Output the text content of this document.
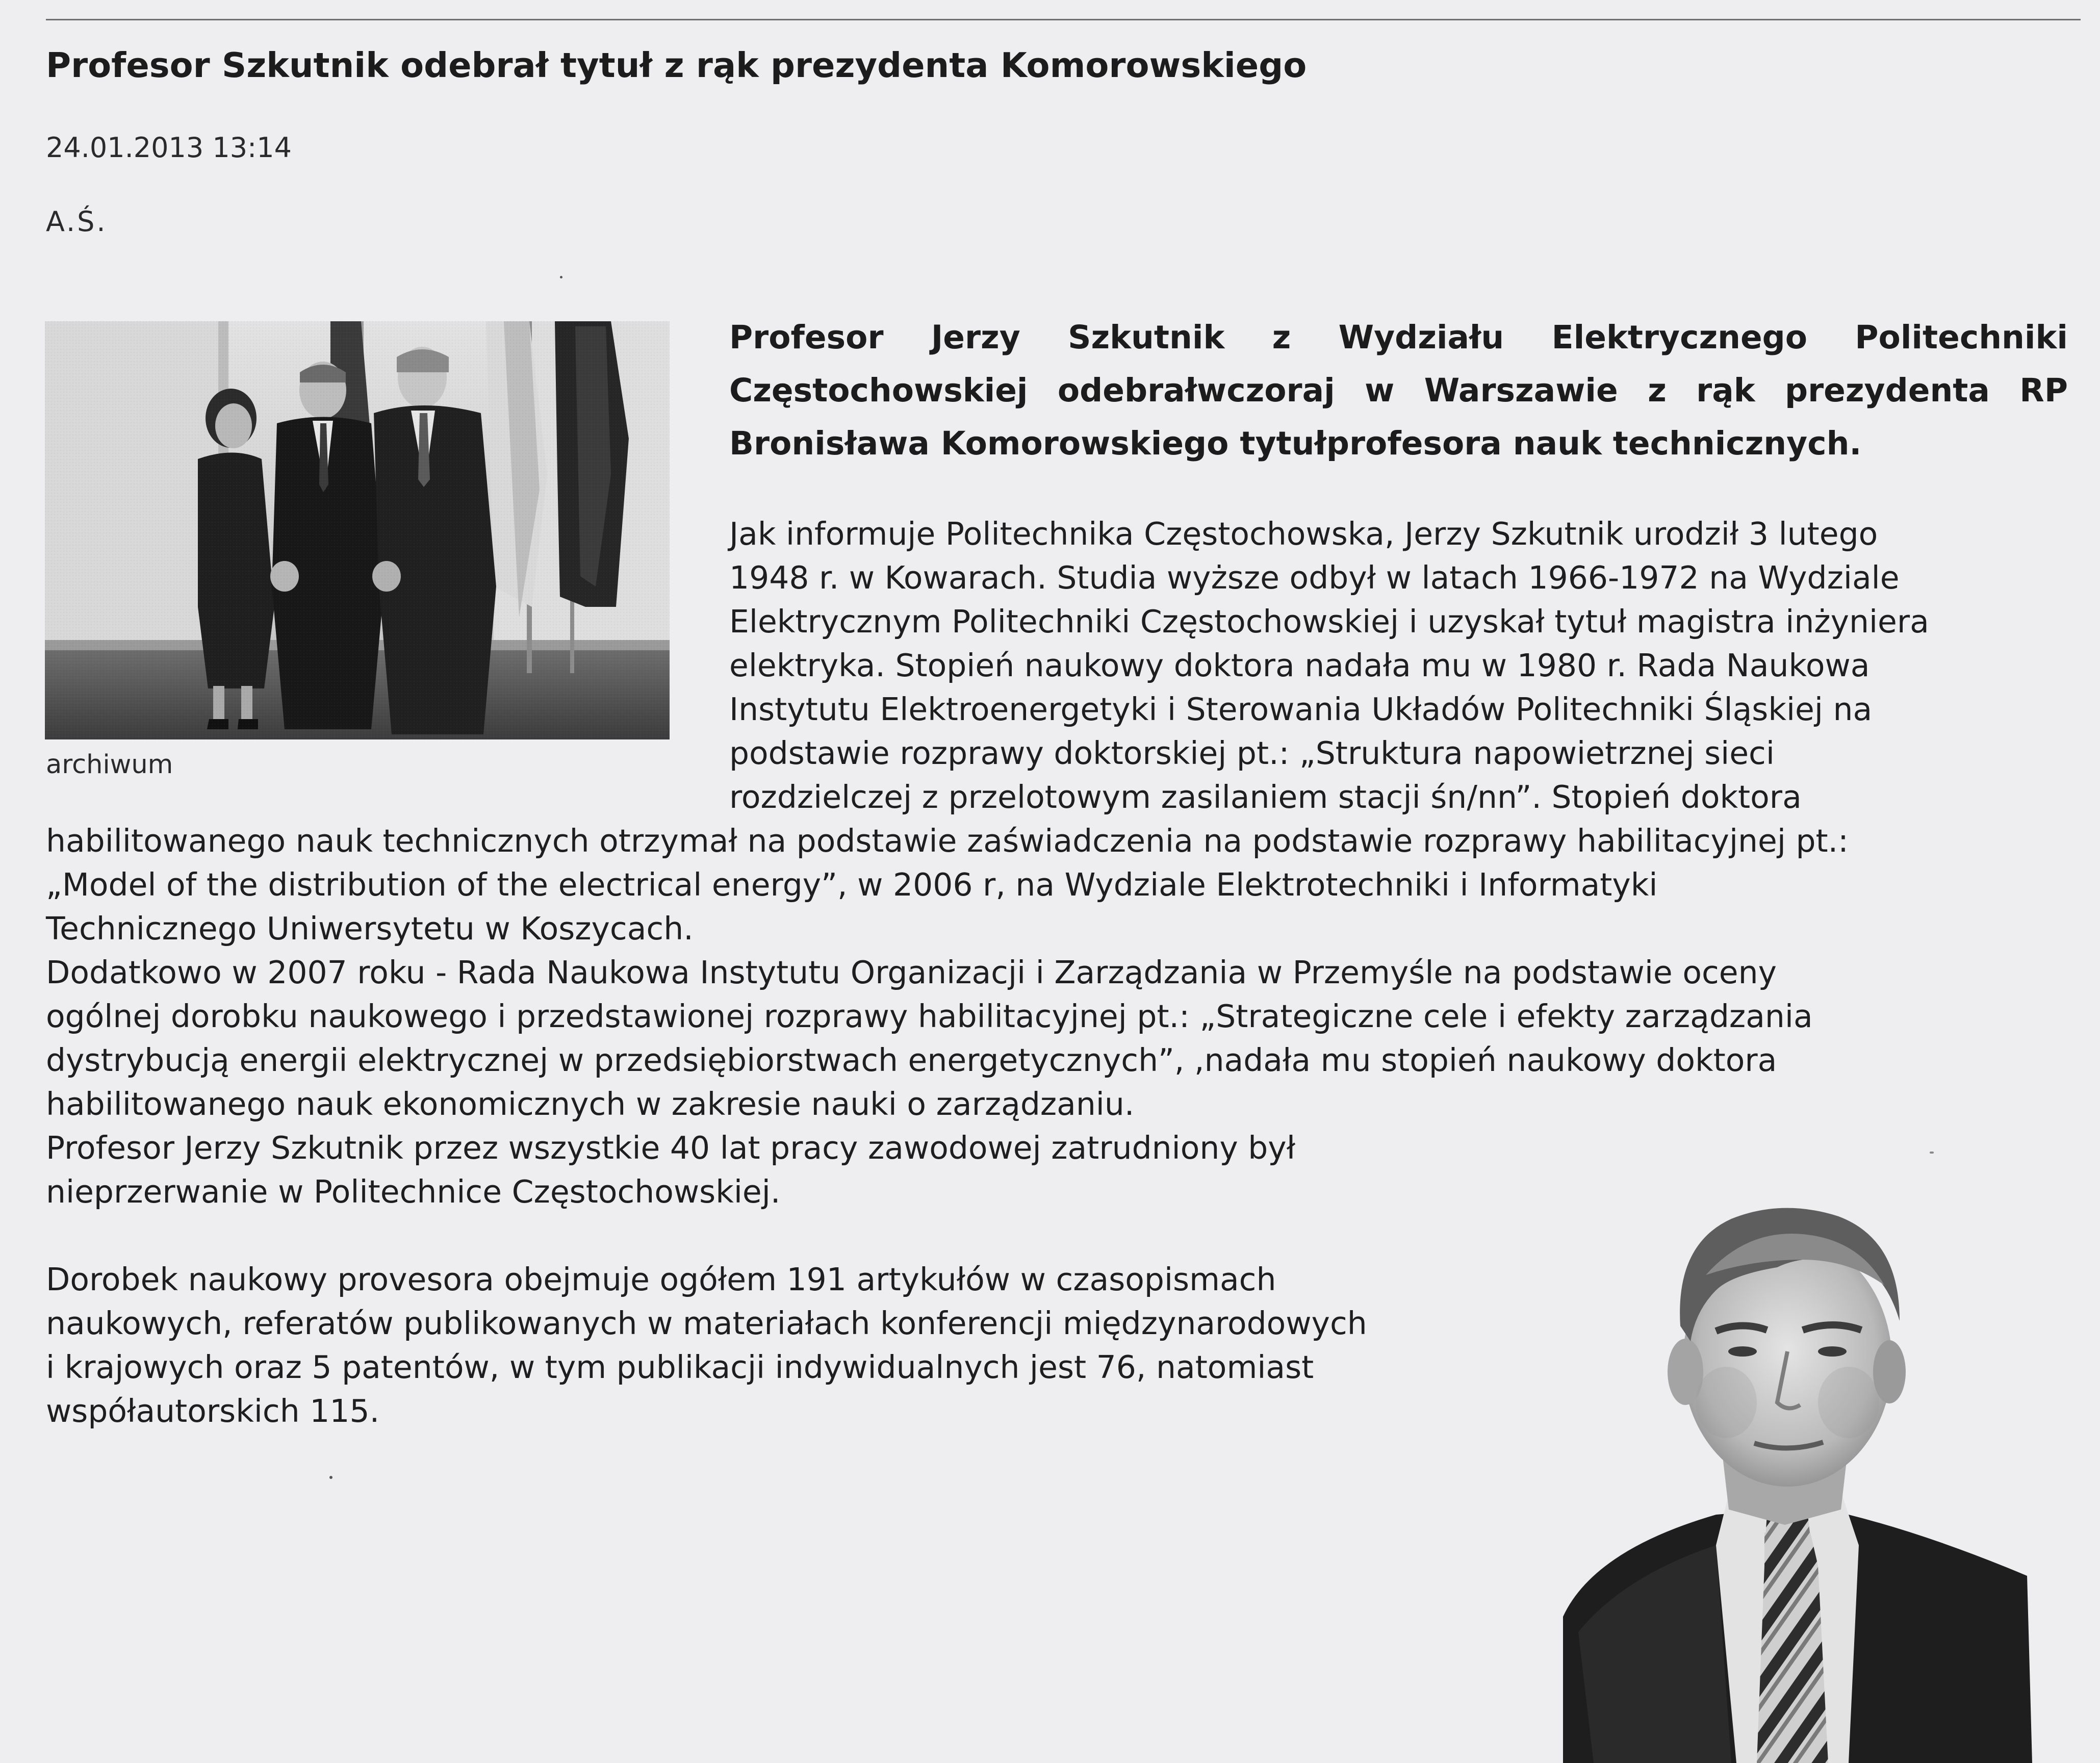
Profesor Szkutnik odebrał tytuł z rąk prezydenta Komorowskiego
24.01.2013 13:14
A.Ś.
archiwum

Profesor Jerzy Szkutnik z Wydziału Elektrycznego Politechniki Częstochowskiej odebrałwczoraj w Warszawie z rąk prezydenta RP Bronisława Komorowskiego tytułprofesora nauk technicznych.

Jak informuje Politechnika Częstochowska, Jerzy Szkutnik urodził 3 lutego
1948 r. w Kowarach. Studia wyższe odbył w latach 1966-1972 na Wydziale
Elektrycznym Politechniki Częstochowskiej i uzyskał tytuł magistra inżyniera
elektryka. Stopień naukowy doktora nadała mu w 1980 r. Rada Naukowa
Instytutu Elektroenergetyki i Sterowania Układów Politechniki Śląskiej na
podstawie rozprawy doktorskiej pt.: „Struktura napowietrznej sieci
rozdzielczej z przelotowym zasilaniem stacji śn/nn”. Stopień doktora
habilitowanego nauk technicznych otrzymał na podstawie zaświadczenia na podstawie rozprawy habilitacyjnej pt.:
„Model of the distribution of the electrical energy”, w 2006 r, na Wydziale Elektrotechniki i Informatyki
Technicznego Uniwersytetu w Koszycach.
Dodatkowo w 2007 roku - Rada Naukowa Instytutu Organizacji i Zarządzania w Przemyśle na podstawie oceny
ogólnej dorobku naukowego i przedstawionej rozprawy habilitacyjnej pt.: „Strategiczne cele i efekty zarządzania
dystrybucją energii elektrycznej w przedsiębiorstwach energetycznych”, ,nadała mu stopień naukowy doktora
habilitowanego nauk ekonomicznych w zakresie nauki o zarządzaniu.
Profesor Jerzy Szkutnik przez wszystkie 40 lat pracy zawodowej zatrudniony był
nieprzerwanie w Politechnice Częstochowskiej.
Dorobek naukowy provesora obejmuje ogółem 191 artykułów w czasopismach
naukowych, referatów publikowanych w materiałach konferencji międzynarodowych
i krajowych oraz 5 patentów, w tym publikacji indywidualnych jest 76, natomiast
współautorskich 115.
